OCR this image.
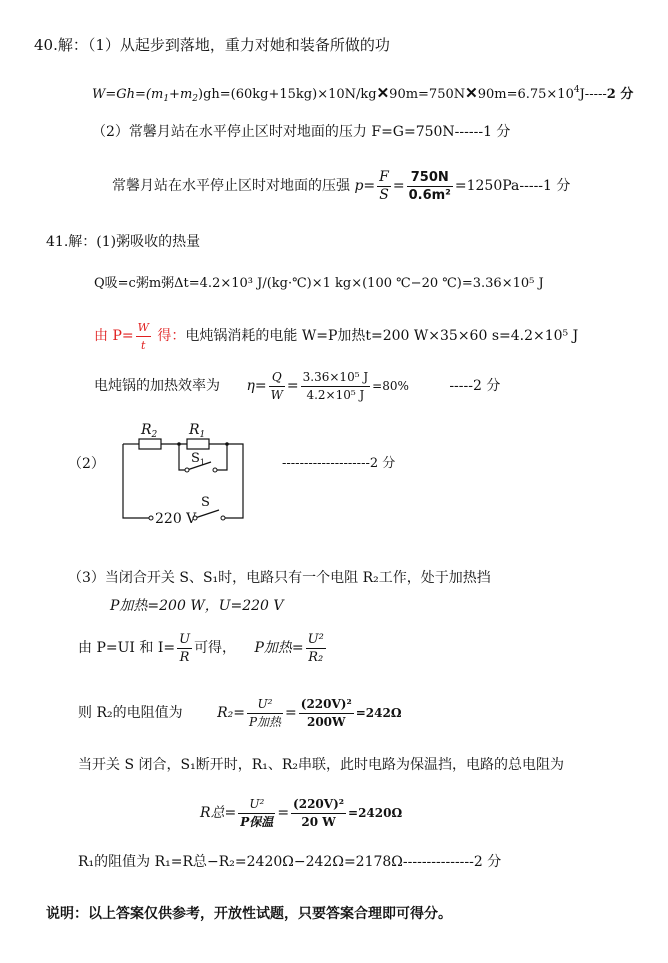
40.解：（1）从起步到落地，重力对她和装备所做的功
$W=Gh=(m_1+m_2)gh=(60kg+15kg)\times 10N/kg✕90m=750N✕90m=6.75\times 10^4J-----2$ 分
（2）常馨月站在水平停止区时对地面的压力 F=G=750N------1 分
常馨月站在水平停止区时对地面的压强 $p= \frac{F}{S} = \frac{750N}{\text{0.6m²}} =1250Pa-----1$ 分
41.解：(1)粥吸收的热量
Q吸=c粥m粥Δt=4.2×10³ J/(kg·℃)×1 kg×(100 ℃−20 ℃)=3.36×10⁵ J
由 $P= \frac{W}{t}$ 得：电炖锅消耗的电能 W=P加热t=200 W×35×60 s=4.2×10⁵ J
电炖锅的加热效率为 $\eta= \frac{Q}{W} = \frac{\text{3.36×10⁵ J}}{\text{4.2×10⁵ J}} =80\%$	-----2 分
（2）	--------------------2 分
$R_2$ $R_1$
$S_1$
S
220 V
（3）当闭合开关 S、S₁时，电路只有一个电阻 R₂工作，处于加热挡
P加热=200 W，U=220 V
由 P=UI 和 $I= \frac{U}{R}$ 可得， P加热= $\frac{\text{U²}}{\text{R₂}}$
则 R₂的电阻值为 R₂=
U²
P加热
= $\frac{\text{(220V)²}}{200W} =242\Omega$
当开关 S 闭合，S₁断开时，R₁、R₂串联，此时电路为保温挡，电路的总电阻为
R总=
U²
P保温
= $\frac{\text{(220V)²}}{20 W} =2420\Omega$
R₁的阻值为 R₁=R总−R₂=2420Ω−242Ω=2178Ω---------------2 分
说明：以上答案仅供参考，开放性试题，只要答案合理即可得分。
